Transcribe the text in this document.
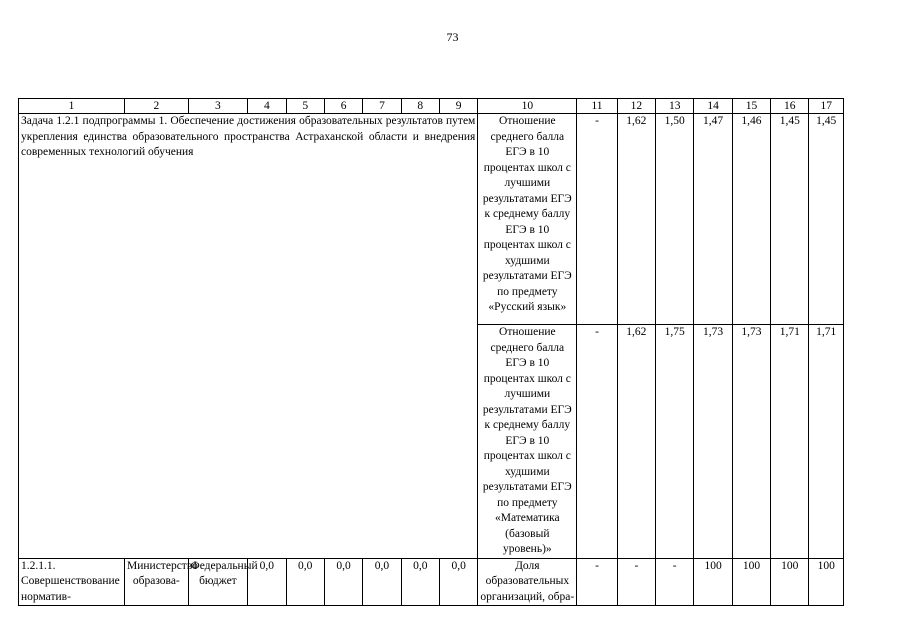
73
1	2	3	4	5	6	7	8	9	10	11	12	13	14	15	16	17
Задача 1.2.1 подпрограммы 1. Обеспечение достижения образовательных результатов путем укрепления единства образовательного пространства Астраханской области и внедрения современных технологий обучения									Отношение среднего балла ЕГЭ в 10 процентах школ с лучшими результатами ЕГЭ к среднему баллу ЕГЭ в 10 процентах школ с худшими результатами ЕГЭ по предмету «Русский язык»	-	1,62	1,50	1,47	1,46	1,45	1,45
									Отношение среднего балла ЕГЭ в 10 процентах школ с лучшими результатами ЕГЭ к среднему баллу ЕГЭ в 10 процентах школ с худшими результатами ЕГЭ по предмету «Математика (базовый уровень)»	-	1,62	1,75	1,73	1,73	1,71	1,71
1.2.1.1. Совершенствование норматив-	Министерство образова-	Федеральный бюджет	0,0	0,0	0,0	0,0	0,0	0,0	Доля образовательных организаций, обра-	-	-	-	100	100	100	100
